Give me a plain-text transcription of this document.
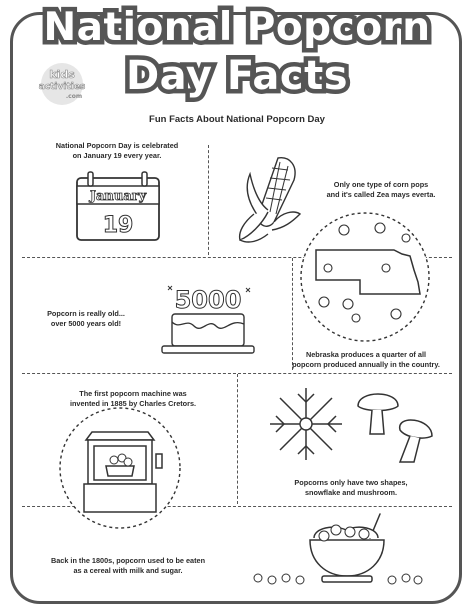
National Popcorn
Day Facts
kids
activities
.com
Fun Facts About National Popcorn Day
National Popcorn Day is celebrated
on January 19 every year.
Only one type of corn pops
and it's called Zea mays everta.
Popcorn is really old...
over 5000 years old!
Nebraska produces a quarter of all
popcorn produced annually in the country.
The first popcorn machine was
invented in 1885 by Charles Cretors.
Popcorns only have two shapes,
snowflake and mushroom.
Back in the 1800s, popcorn used to be eaten
as a cereal with milk and sugar.
January
19
5000
